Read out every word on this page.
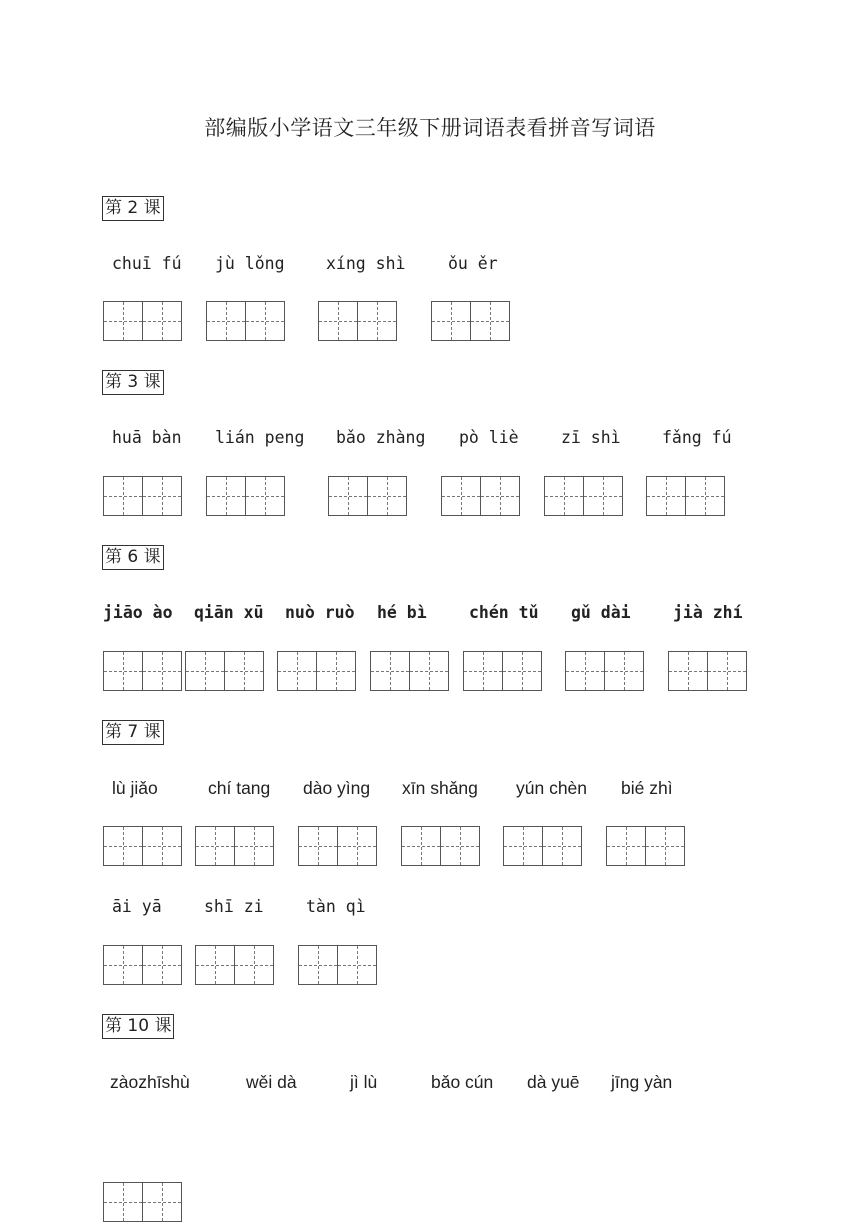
部编版小学语文三年级下册词语表看拼音写词语
第 2 课
chuī fú jù lǒng	xíng shì	ǒu ěr
第 3 课
huā bàn lián peng bǎo zhàng pò liè	zī shì	fǎng fú
第 6 课
jiāo ào qiān xū nuò ruò hé bì	chén tǔ gǔ dài	jià zhí
第 7 课
lù jiǎo	chí tang dào yìng xīn shǎng yún chèn bié zhì
āi yā	shī zi	tàn qì
第 10 课
zàozhīshù	wěi dà	jì lù	bǎo cún dà yuē jīng yàn
